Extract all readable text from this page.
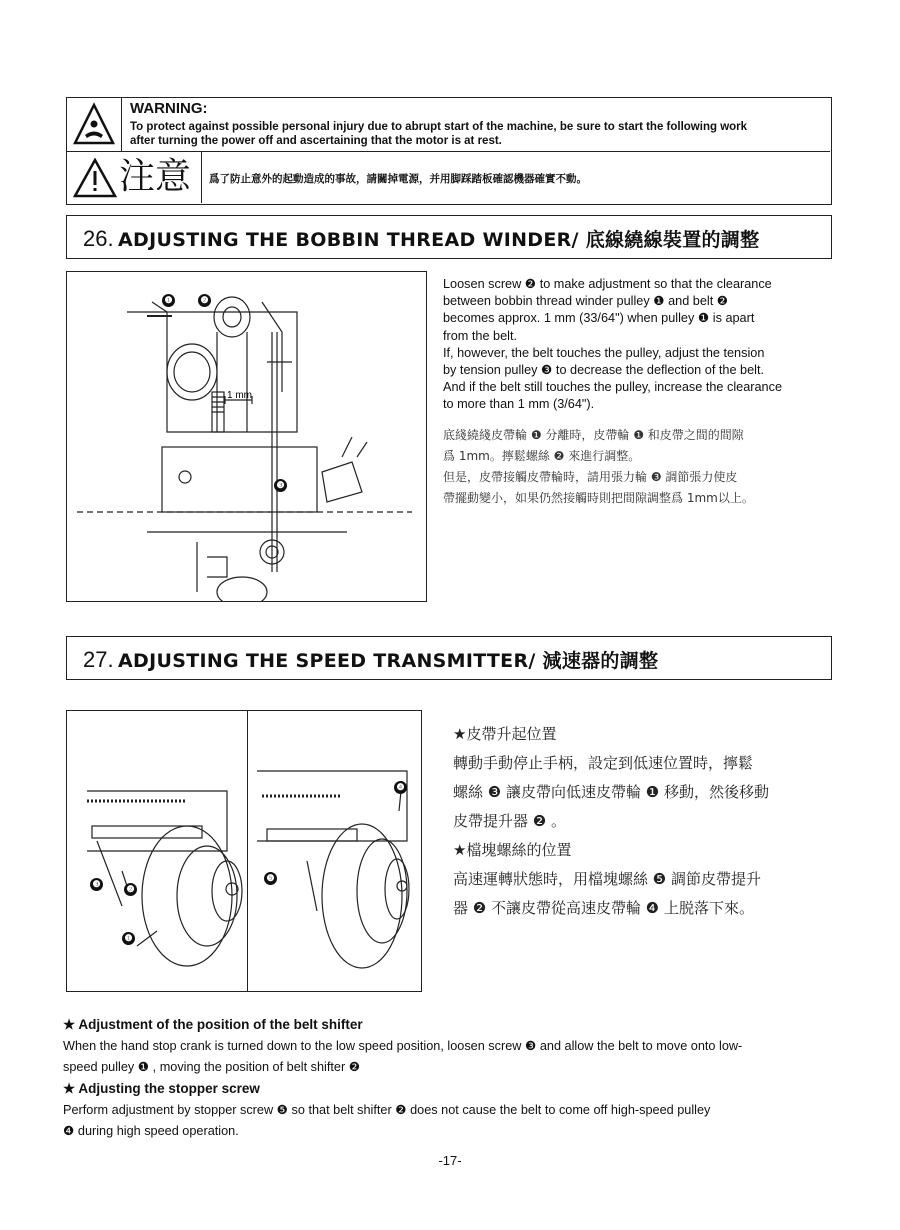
WARNING:
To protect against possible personal injury due to abrupt start of the machine, be sure to start the following work
after turning the power off and ascertaining that the motor is at rest.
注意 爲了防止意外的起動造成的事故，請關掉電源，并用脚踩踏板確認機器確實不動。
26. ADJUSTING THE BOBBIN THREAD WINDER/ 底線繞線裝置的調整
1 mm
❶	❷
❸
Loosen screw ❷ to make adjustment so that the clearance
between bobbin thread winder pulley ❶ and belt ❷
becomes approx. 1 mm (33/64") when pulley ❶ is apart
from the belt.
If, however, the belt touches the pulley, adjust the tension
by tension pulley ❸ to decrease the deflection of the belt.
And if the belt still touches the pulley, increase the clearance
to more than 1 mm (3/64").
底綫繞綫皮帶輪 ❶ 分離時，皮帶輪 ❶ 和皮帶之間的間隙
爲 1mm。擰鬆螺絲 ❷ 來進行調整。
但是，皮帶接觸皮帶輪時，請用張力輪 ❸ 調節張力使皮
帶擺動變小，如果仍然接觸時則把間隙調整爲 1mm以上。
27. ADJUSTING THE SPEED TRANSMITTER/ 減速器的調整
❸	❷
❶
❺
❹
★皮帶升起位置
轉動手動停止手柄，設定到低速位置時，擰鬆
螺絲 ❸ 讓皮帶向低速皮帶輪 ❶ 移動，然後移動
皮帶提升器 ❷ 。
★檔塊螺絲的位置
高速運轉狀態時，用檔塊螺絲 ❺ 調節皮帶提升
器 ❷ 不讓皮帶從高速皮帶輪 ❹ 上脱落下來。
★ Adjustment of the position of the belt shifter
When the hand stop crank is turned down to the low speed position, loosen screw ❸ and allow the belt to move onto low-
speed pulley ❶ , moving the position of belt shifter ❷
★ Adjusting the stopper screw
Perform adjustment by stopper screw ❺ so that belt shifter ❷ does not cause the belt to come off high-speed pulley
❹ during high speed operation.
-17-
